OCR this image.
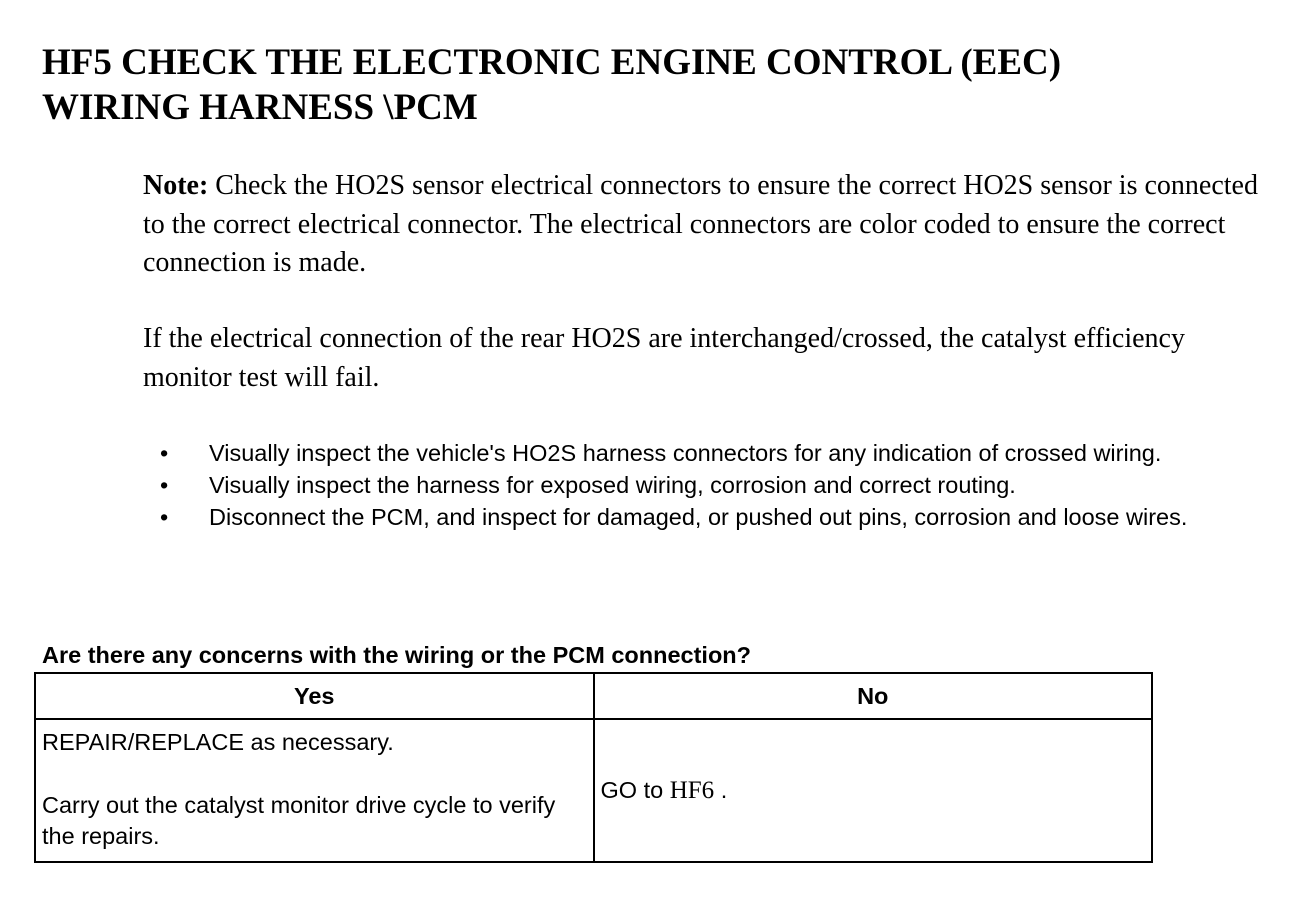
HF5 CHECK THE ELECTRONIC ENGINE CONTROL (EEC)
WIRING HARNESS \PCM

Note: Check the HO2S sensor electrical connectors to ensure the correct HO2S sensor is connected to the correct electrical connector. The electrical connectors are color coded to ensure the correct connection is made.

If the electrical connection of the rear HO2S are interchanged/crossed, the catalyst efficiency monitor test will fail.

•	Visually inspect the vehicle's HO2S harness connectors for any indication of crossed wiring.
•	Visually inspect the harness for exposed wiring, corrosion and correct routing.
•	Disconnect the PCM, and inspect for damaged, or pushed out pins, corrosion and loose wires.

Are there any concerns with the wiring or the PCM connection?

Yes	No
REPAIR/REPLACE as necessary.
Carry out the catalyst monitor drive cycle to verify the repairs.	GO to HF6 .
